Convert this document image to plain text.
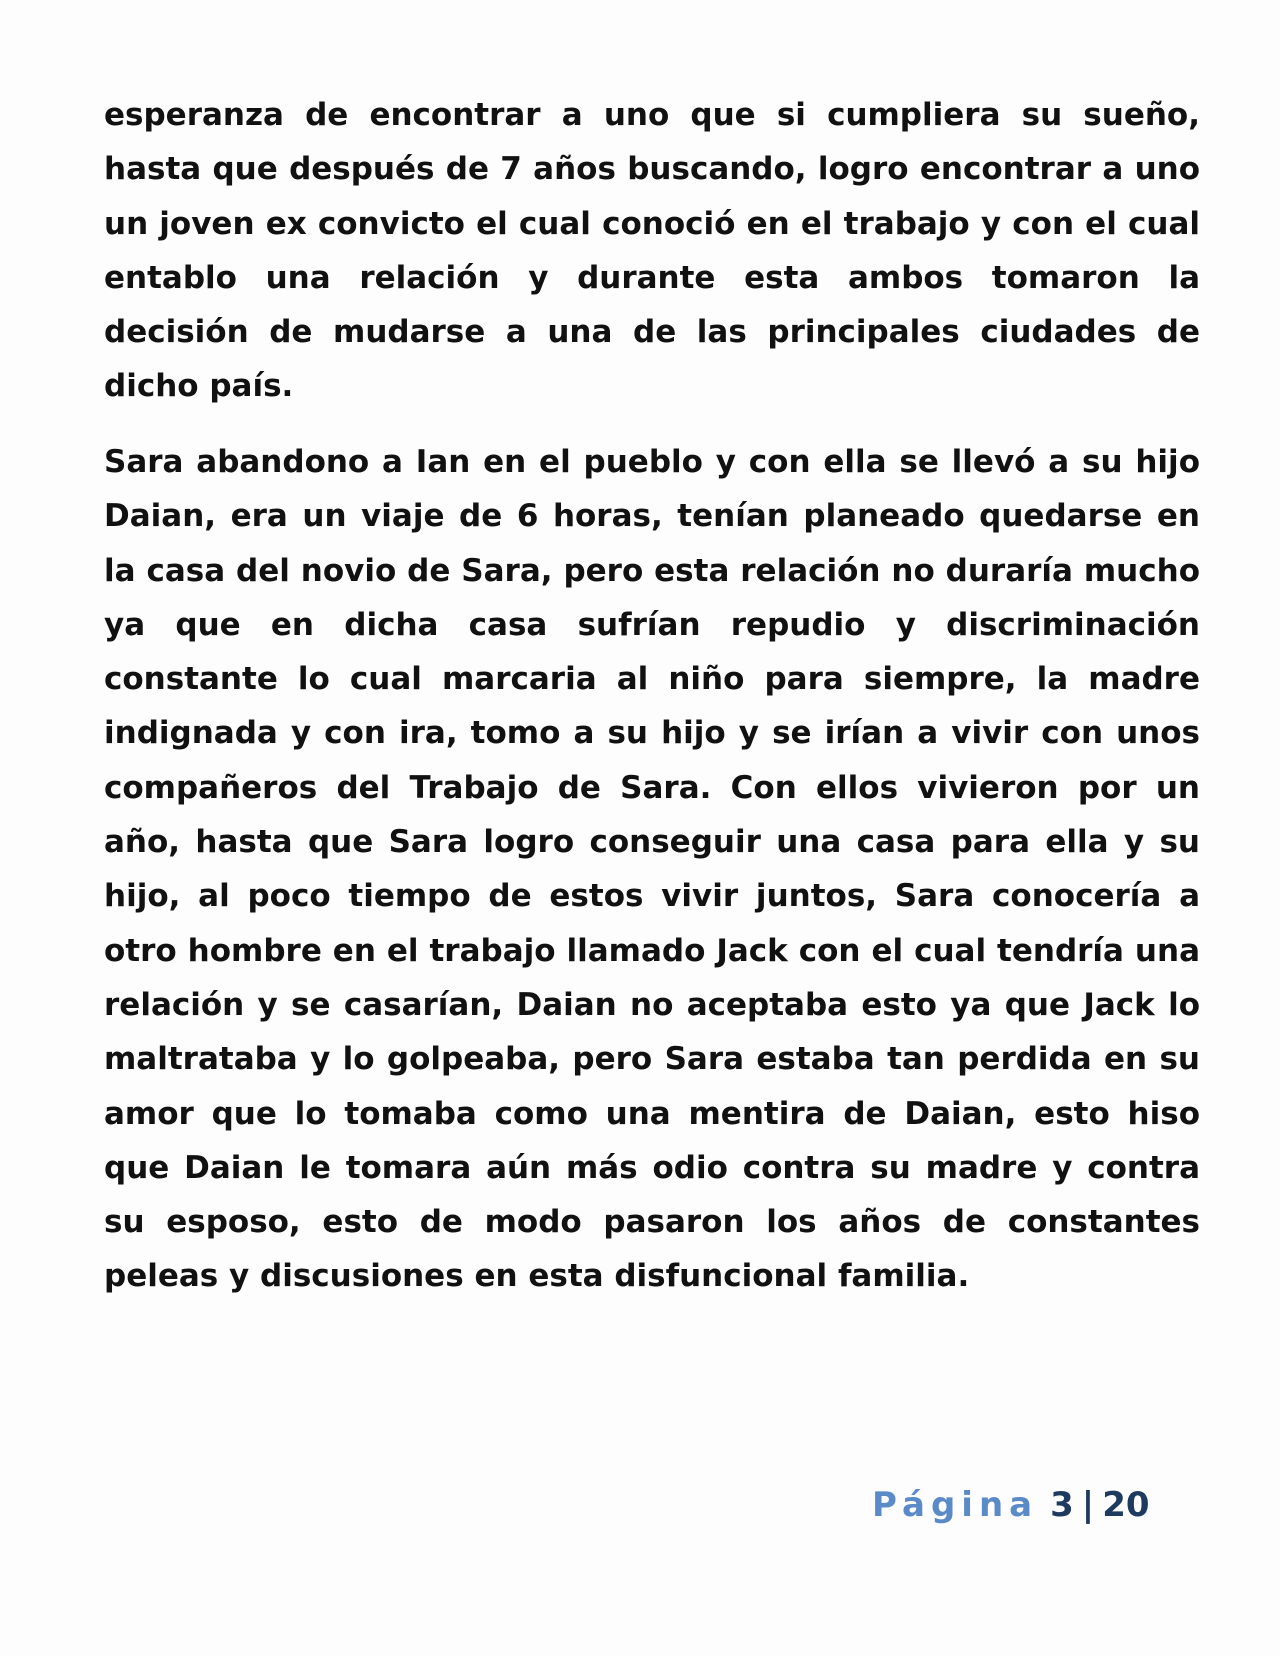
esperanza de encontrar a uno que si cumpliera su sueño, hasta que después de 7 años buscando, logro encontrar a uno un joven ex convicto el cual conoció en el trabajo y con el cual entablo una relación y durante esta ambos tomaron la decisión de mudarse a una de las principales ciudades de dicho país.

Sara abandono a Ian en el pueblo y con ella se llevó a su hijo Daian, era un viaje de 6 horas, tenían planeado quedarse en la casa del novio de Sara, pero esta relación no duraría mucho ya que en dicha casa sufrían repudio y discriminación constante lo cual marcaria al niño para siempre, la madre indignada y con ira, tomo a su hijo y se irían a vivir con unos compañeros del Trabajo de Sara. Con ellos vivieron por un año, hasta que Sara logro conseguir una casa para ella y su hijo, al poco tiempo de estos vivir juntos, Sara conocería a otro hombre en el trabajo llamado Jack con el cual tendría una relación y se casarían, Daian no aceptaba esto ya que Jack lo maltrataba y lo golpeaba, pero Sara estaba tan perdida en su amor que lo tomaba como una mentira de Daian, esto hiso que Daian le tomara aún más odio contra su madre y contra su esposo, esto de modo pasaron los años de constantes peleas y discusiones en esta disfuncional familia.

Página 3 | 20
